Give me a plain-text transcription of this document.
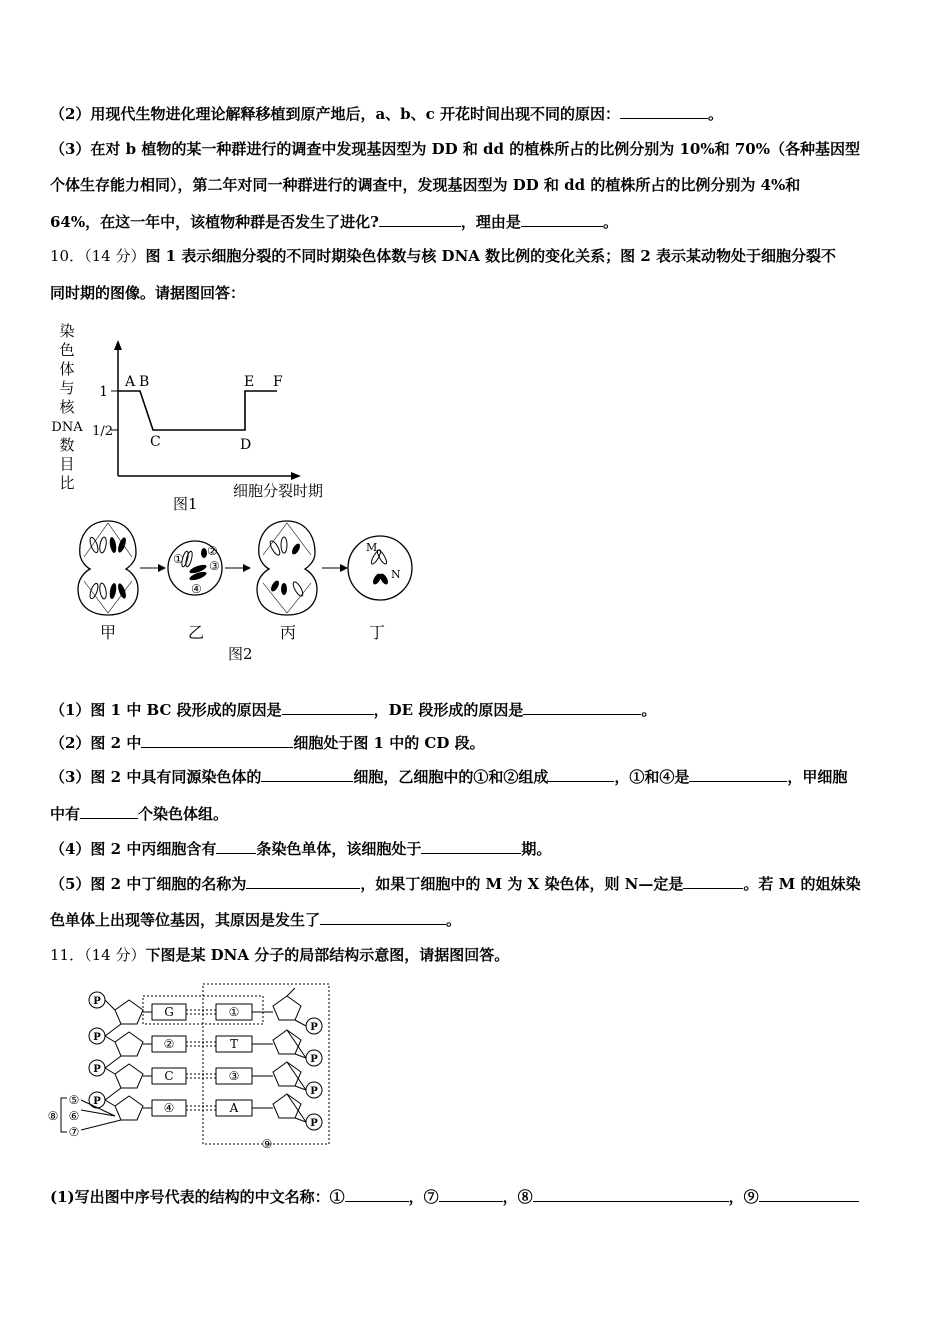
（2）用现代生物进化理论解释移植到原产地后，a、b、c 开花时间出现不同的原因：	。
（3）在对 b 植物的某一种群进行的调查中发现基因型为 DD 和 dd 的植株所占的比例分别为 10%和 70%（各种基因型
个体生存能力相同），第二年对同一种群进行的调查中，发现基因型为 DD 和 dd 的植株所占的比例分别为 4%和
64%，在这一年中，该植物种群是否发生了进化?	，理由是	。
10．（14 分）图 1 表示细胞分裂的不同时期染色体数与核 DNA 数比例的变化关系；图 2 表示某动物处于细胞分裂不
同时期的图像。请据图回答：
染
色
体
与
核
DNA
数
目
比
1
1/2
A B
C	D
E F
细胞分裂时期
图1
①
②
③
④
M
N
甲	乙	丙	丁
图2
（1）图 1 中 BC 段形成的原因是	，DE 段形成的原因是	。
（2）图 2 中	细胞处于图 1 中的 CD 段。
（3）图 2 中具有同源染色体的	细胞，乙细胞中的①和②组成	，①和④是	，甲细胞
中有	个染色体组。
（4）图 2 中丙细胞含有	条染色单体，该细胞处于	期。
（5）图 2 中丁细胞的名称为	，如果丁细胞中的 M 为 X 染色体，则 N—定是	。若 M 的姐妹染
色单体上出现等位基因，其原因是发生了	。
11．（14 分）下图是某 DNA 分子的局部结构示意图，请据图回答。
P
P
P
P
P
P
P
P
G
②
C
④
①
T
③
A
⑤
⑥
⑦
⑧
⑨
(1)写出图中序号代表的结构的中文名称：①	，⑦	，⑧	，⑨
